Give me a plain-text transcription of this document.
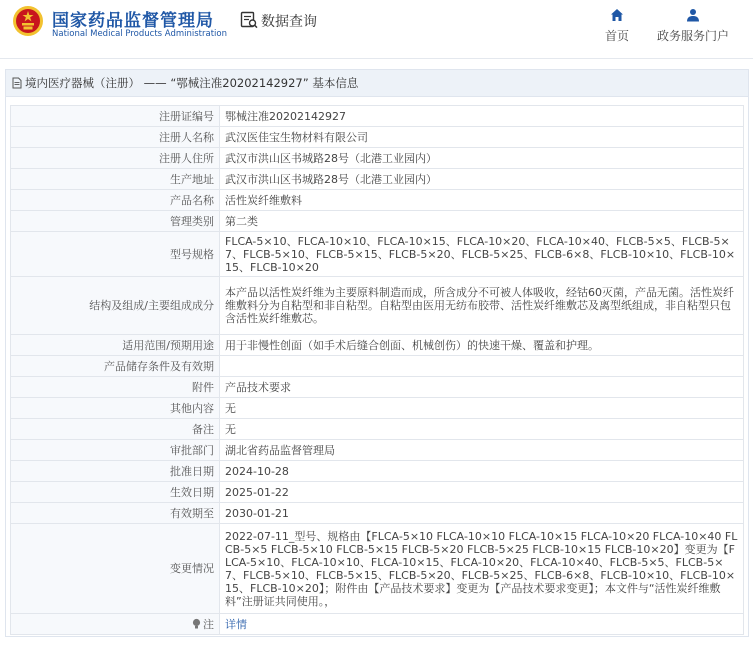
国家药品监督管理局
National Medical Products Administration
数据查询
首页	政务服务门户
境内医疗器械（注册） —— “鄂械注准20202142927” 基本信息
注册证编号	鄂械注准20202142927
注册人名称	武汉医佳宝生物材料有限公司
注册人住所	武汉市洪山区书城路28号（北港工业园内）
生产地址	武汉市洪山区书城路28号（北港工业园内）
产品名称	活性炭纤维敷料
管理类别	第二类
型号规格	FLCA-5×10、FLCA-10×10、FLCA-10×15、FLCA-10×20、FLCA-10×40、FLCB-5×5、FLCB-5×7、FLCB-5×10、FLCB-5×15、FLCB-5×20、FLCB-5×25、FLCB-6×8、FLCB-10×10、FLCB-10×15、FLCB-10×20

结构及组成/主要组成成分	本产品以活性炭纤维为主要原料制造而成，所含成分不可被人体吸收，经钴60灭菌，产品无菌。活性炭纤维敷料分为自粘型和非自粘型。自粘型由医用无纺布胶带、活性炭纤维敷芯及离型纸组成，非自粘型只包含活性炭纤维敷芯。

适用范围/预期用途	用于非慢性创面（如手术后缝合创面、机械创伤）的快速干燥、覆盖和护理。
产品储存条件及有效期	
附件	产品技术要求
其他内容	无
备注	无
审批部门	湖北省药品监督管理局
批准日期	2024-10-28
生效日期	2025-01-22
有效期至	2030-01-21
变更情况	2022-07-11_型号、规格由【FLCA-5×10 FLCA-10×10 FLCA-10×15 FLCA-10×20 FLCA-10×40 FLCB-5×5 FLCB-5×10 FLCB-5×15 FLCB-5×20 FLCB-5×25 FLCB-10×15 FLCB-10×20】变更为【FLCA-5×10、FLCA-10×10、FLCA-10×15、FLCA-10×20、FLCA-10×40、FLCB-5×5、FLCB-5×7、FLCB-5×10、FLCB-5×15、FLCB-5×20、FLCB-5×25、FLCB-6×8、FLCB-10×10、FLCB-10×15、FLCB-10×20】；附件由【产品技术要求】变更为【产品技术要求变更】；本文件与“活性炭纤维敷料”注册证共同使用。，

注	详情
